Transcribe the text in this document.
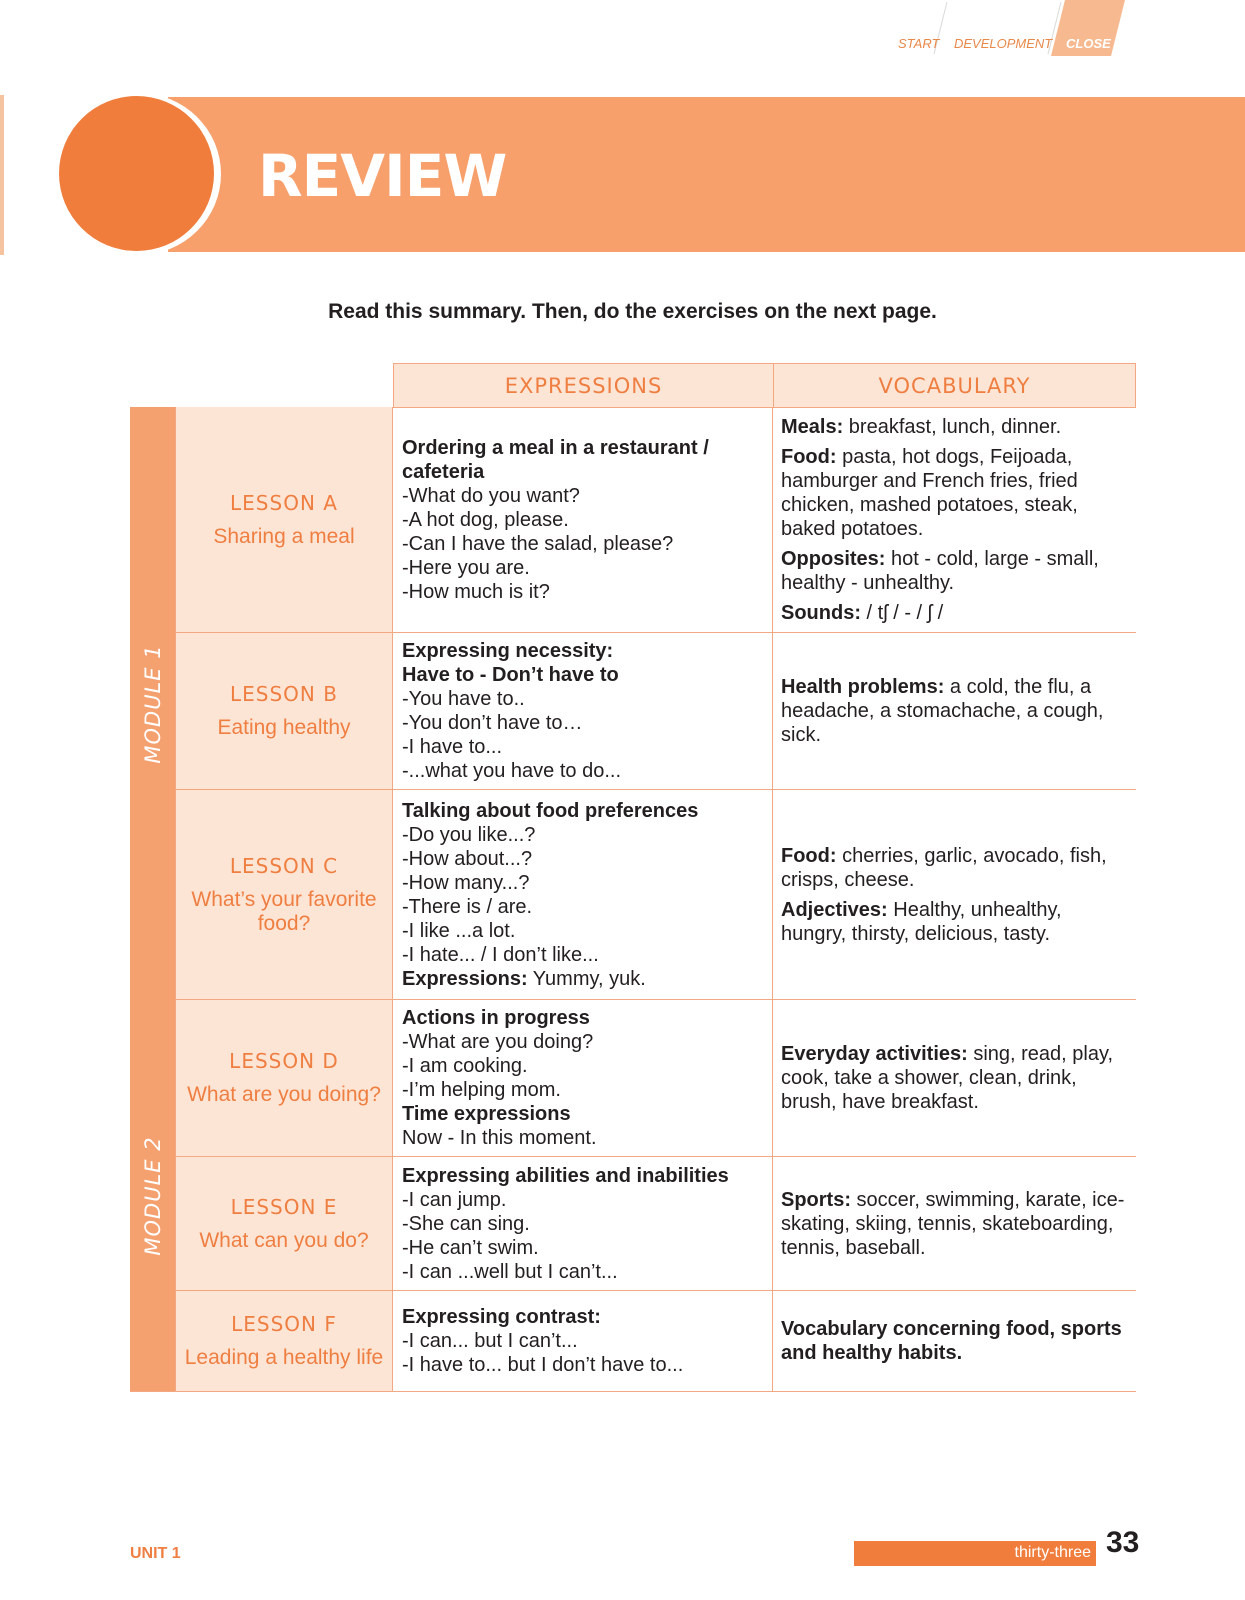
START DEVELOPMENT CLOSE
REVIEW
Read this summary. Then, do the exercises on the next page.
EXPRESSIONS	VOCABULARY
MODULE 1
MODULE 2
LESSON A
Sharing a meal
Ordering a meal in a restaurant / cafeteria
-What do you want?
-A hot dog, please.
-Can I have the salad, please?
-Here you are.
-How much is it?

Meals: breakfast, lunch, dinner.

Food: pasta, hot dogs, Feijoada, hamburger and French fries, fried chicken, mashed potatoes, steak, baked potatoes.

Opposites: hot - cold, large - small, healthy - unhealthy.

Sounds: / tʃ / - / ʃ /

LESSON B
Eating healthy
Expressing necessity:
Have to - Don’t have to
-You have to..
-You don’t have to…
-I have to...
-...what you have to do...

Health problems: a cold, the flu, a headache, a stomachache, a cough, sick.

LESSON C
What’s your favorite food?
Talking about food preferences
-Do you like...?
-How about...?
-How many...?
-There is / are.
-I like ...a lot.
-I hate... / I don’t like...
Expressions: Yummy, yuk.

Food: cherries, garlic, avocado, fish, crisps, cheese.

Adjectives: Healthy, unhealthy, hungry, thirsty, delicious, tasty.

LESSON D
What are you doing?
Actions in progress
-What are you doing?
-I am cooking.
-I’m helping mom.
Time expressions
Now - In this moment.

Everyday activities: sing, read, play, cook, take a shower, clean, drink, brush, have breakfast.

LESSON E
What can you do?
Expressing abilities and inabilities
-I can jump.
-She can sing.
-He can’t swim.
-I can ...well but I can’t...

Sports: soccer, swimming, karate, ice-skating, skiing, tennis, skateboarding, tennis, baseball.

LESSON F
Leading a healthy life
Expressing contrast:
-I can... but I can’t...
-I have to... but I don’t have to...

Vocabulary concerning food, sports and healthy habits.

UNIT 1	thirty-three 33
